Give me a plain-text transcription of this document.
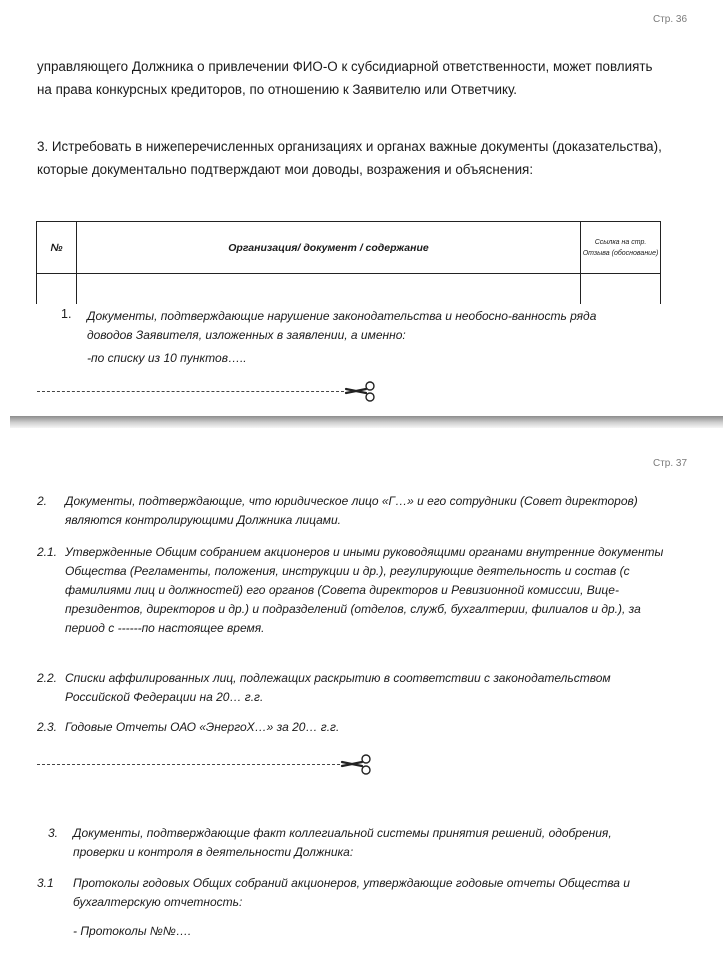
Стр. 36
управляющего Должника о привлечении ФИО-О к субсидиарной ответственности, может повлиять на права конкурсных кредиторов, по отношению к Заявителю или Ответчику.
3. Истребовать в нижеперечисленных организациях и органах важные документы (доказательства), которые документально подтверждают мои доводы, возражения и объяснения:
№	Организация/ документ / содержание	Ссылка на стр. Отзыва (обоснование)

1. Документы, подтверждающие нарушение законодательства и необосно-ванность ряда доводов Заявителя, изложенных в заявлении, а именно:
-по списку из 10 пунктов…..
Стр. 37
2.	Документы, подтверждающие, что юридическое лицо «Г…» и его сотрудники (Совет директоров) являются контролирующими Должника лицами.
2.1. Утвержденные Общим собранием акционеров и иными руководящими органами внутренние документы Общества (Регламенты, положения, инструкции и др.), регулирующие деятельность и состав (с фамилиями лиц и должностей) его органов (Совета директоров и Ревизионной комиссии, Вице-президентов, директоров и др.) и подразделений (отделов, служб, бухгалтерии, филиалов и др.), за период с ------по настоящее время.
2.2. Списки аффилированных лиц, подлежащих раскрытию в соответствии с законодательством Российской Федерации на 20… г.г.
2.3. Годовые Отчеты ОАО «ЭнергоХ…» за 20… г.г.
3.	Документы, подтверждающие факт коллегиальной системы принятия решений, одобрения, проверки и контроля в деятельности Должника:
3.1	Протоколы годовых Общих собраний акционеров, утверждающие годовые отчеты Общества и бухгалтерскую отчетность:
- Протоколы №№….
